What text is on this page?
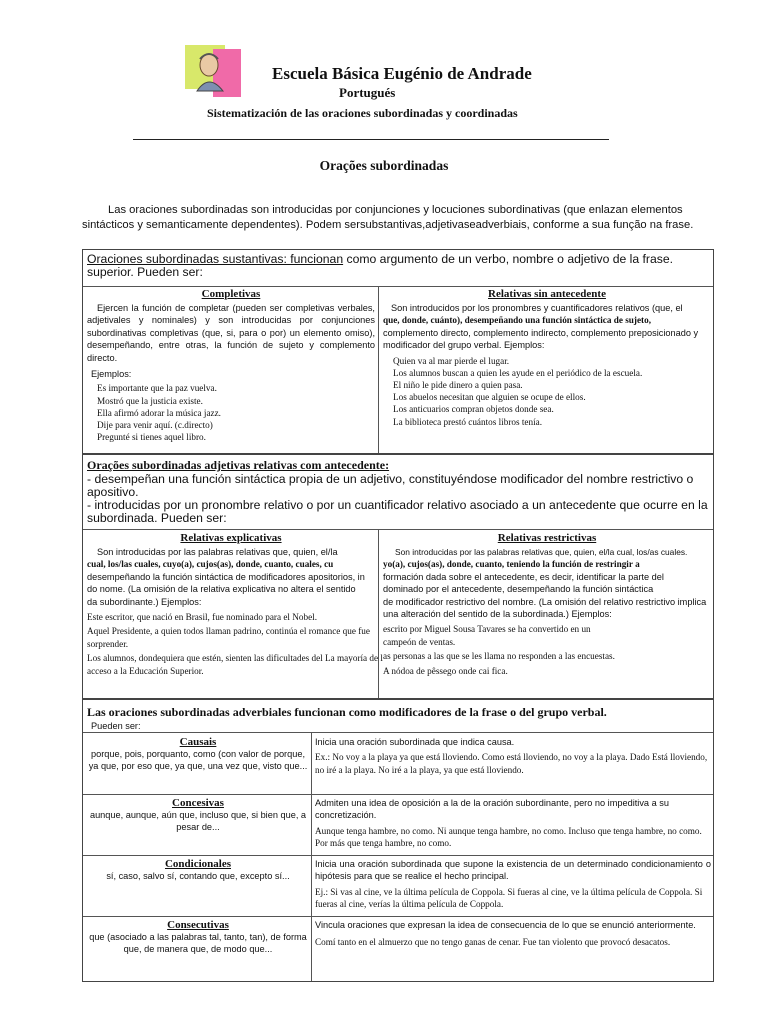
Escuela Básica Eugénio de Andrade
Portugués
Sistematización de las oraciones subordinadas y coordinadas
Orações subordinadas
Las oraciones subordinadas son introducidas por conjunciones y locuciones subordinativas (que enlazan elementos sintácticos y semanticamente dependentes). Podem sersubstantivas,adjetivaseadverbiais, conforme a sua função na frase.
Oraciones subordinadas sustantivas: funcionan como argumento de un verbo, nombre o adjetivo de la frase.
superior. Pueden ser:
Completivas

Ejercen la función de completar (pueden ser completivas verbales, adjetivales y nominales) y son introducidas por conjunciones subordinativas completivas (que, si, para o por) un elemento omiso), desempeñando, entre otras, la función de sujeto y complemento directo.

Ejemplos:

Es importante que la paz vuelva.

Mostró que la justicia existe.

Ella afirmó adorar la música jazz.

Dije para venir aquí. (c.directo)

Pregunté si tienes aquel libro.

Relativas sin antecedente

Son introducidos por los pronombres y cuantificadores relativos (que, el

que, donde, cuánto), desempeñando una función sintáctica de sujeto,

complemento directo, complemento indirecto, complemento preposicionado y modificador del grupo verbal. Ejemplos:

Quien va al mar pierde el lugar.

Los alumnos buscan a quien les ayude en el periódico de la escuela.

El niño le pide dinero a quien pasa.

Los abuelos necesitan que alguien se ocupe de ellos.

Los anticuarios compran objetos donde sea.

La biblioteca prestó cuántos libros tenía.

Orações subordinadas adjetivas relativas com antecedente:
- desempeñan una función sintáctica propia de un adjetivo, constituyéndose modificador del nombre restrictivo o apositivo.
- introducidas por un pronombre relativo o por un cuantificador relativo asociado a un antecedente que ocurre en la subordinada. Pueden ser:
Relativas explicativas

Son introducidas por las palabras relativas que, quien, el/la

cual, los/las cuales, cuyo(a), cujos(as), donde, cuanto, cuales, cu

desempeñando la función sintáctica de modificadores apositorios, in

do nome. (La omisión de la relativa explicativa no altera el sentido

da subordinante.) Ejemplos:

Este escritor, que nació en Brasil, fue nominado para el Nobel.

Aquel Presidente, a quien todos llaman padrino, continúa el romance que fue

sorprender.

Los alumnos, dondequiera que estén, sienten las dificultades del La mayoría de l

acceso a la Educación Superior.

Relativas restrictivas

Son introducidas por las palabras relativas que, quien, el/la cual, los/as cuales.

yo(a), cujos(as), donde, cuanto, teniendo la función de restringir a

formación dada sobre el antecedente, es decir, identificar la parte del

dominado por el antecedente, desempeñando la función sintáctica

de modificador restrictivo del nombre. (La omisión del relativo restrictivo implica

una alteración del sentido de la subordinada.) Ejemplos:

escrito por Miguel Sousa Tavares se ha convertido en un

campeón de ventas.

as personas a las que se les llama no responden a las encuestas.

A nódoa de pêssego onde cai fica.

Las oraciones subordinadas adverbiales funcionan como modificadores de la frase o del grupo verbal.
Pueden ser:
Causais
porque, pois, porquanto, como (con valor de porque, ya que, por eso que, ya que, una vez que, visto que...

Inicia una oración subordinada que indica causa.

Ex.: No voy a la playa ya que está lloviendo. Como está lloviendo, no voy a la playa. Dado Está lloviendo, no iré a la playa. No iré a la playa, ya que está lloviendo.

Concesivas
aunque, aunque, aún que, incluso que, si bien que, a pesar de...

Admiten una idea de oposición a la de la oración subordinante, pero no impeditiva a su concretización.

Aunque tenga hambre, no como. Ni aunque tenga hambre, no como. Incluso que tenga hambre, no como. Por más que tenga hambre, no como.

Condicionales
sí, caso, salvo sí, contando que, excepto sí...

Inicia una oración subordinada que supone la existencia de un determinado condicionamiento o hipótesis para que se realice el hecho principal.

Ej.: Si vas al cine, ve la última película de Coppola. Si fueras al cine, ve la última película de Coppola. Si fueras al cine, verías la última película de Coppola.

Consecutivas
que (asociado a las palabras tal, tanto, tan), de forma que, de manera que, de modo que...

Vincula oraciones que expresan la idea de consecuencia de lo que se enunció anteriormente.

Comí tanto en el almuerzo que no tengo ganas de cenar. Fue tan violento que provocó desacatos.
